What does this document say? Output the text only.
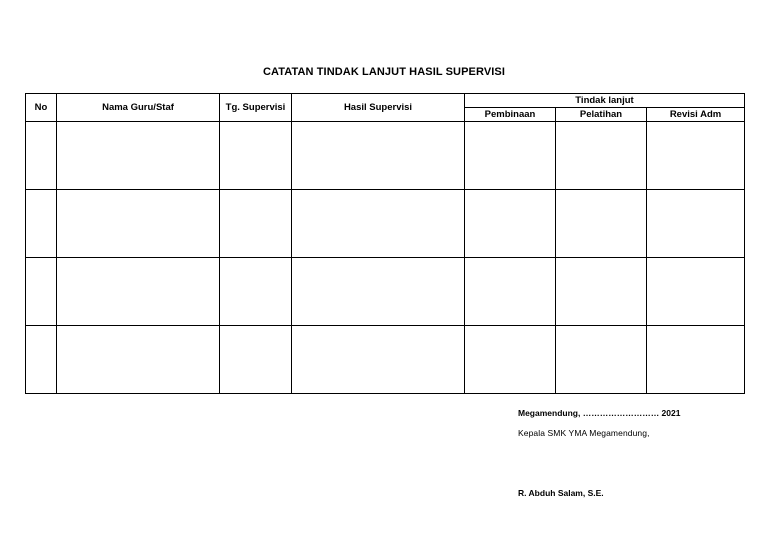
CATATAN TINDAK LANJUT HASIL SUPERVISI
No	Nama Guru/Staf	Tg. Supervisi	Hasil Supervisi	Tindak lanjut		
				Pembinaan	Pelatihan	Revisi Adm

Megamendung, ……………………… 2021
Kepala SMK YMA Megamendung,
R. Abduh Salam, S.E.
